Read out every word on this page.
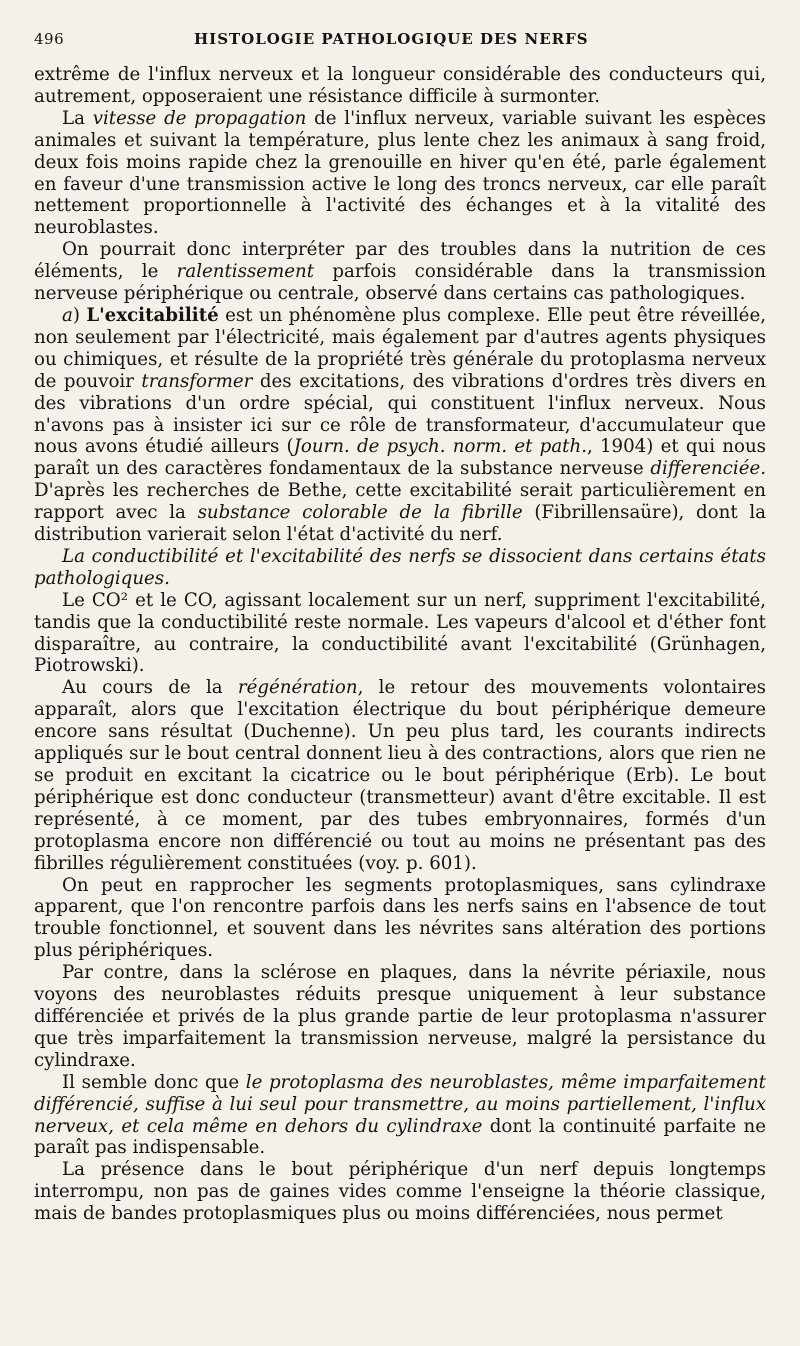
496	HISTOLOGIE PATHOLOGIQUE DES NERFS

extrême de l'influx nerveux et la longueur considérable des conducteurs qui, autrement, opposeraient une résistance difficile à surmonter.

La vitesse de propagation de l'influx nerveux, variable suivant les espèces animales et suivant la température, plus lente chez les animaux à sang froid, deux fois moins rapide chez la grenouille en hiver qu'en été, parle également en faveur d'une transmission active le long des troncs nerveux, car elle paraît nettement proportionnelle à l'activité des échanges et à la vitalité des neuroblastes.

On pourrait donc interpréter par des troubles dans la nutrition de ces éléments, le ralentissement parfois considérable dans la transmission nerveuse périphérique ou centrale, observé dans certains cas pathologiques.

a) L'excitabilité est un phénomène plus complexe. Elle peut être réveillée, non seulement par l'électricité, mais également par d'autres agents physiques ou chimiques, et résulte de la propriété très générale du protoplasma nerveux de pouvoir transformer des excitations, des vibrations d'ordres très divers en des vibrations d'un ordre spécial, qui constituent l'influx nerveux. Nous n'avons pas à insister ici sur ce rôle de transformateur, d'accumulateur que nous avons étudié ailleurs (Journ. de psych. norm. et path., 1904) et qui nous paraît un des caractères fondamentaux de la substance nerveuse differenciée. D'après les recherches de Bethe, cette excitabilité serait particulièrement en rapport avec la substance colorable de la fibrille (Fibrillensaüre), dont la distribution varierait selon l'état d'activité du nerf.

La conductibilité et l'excitabilité des nerfs se dissocient dans certains états pathologiques.

Le CO² et le CO, agissant localement sur un nerf, suppriment l'excitabilité, tandis que la conductibilité reste normale. Les vapeurs d'alcool et d'éther font disparaître, au contraire, la conductibilité avant l'excitabilité (Grünhagen, Piotrowski).

Au cours de la régénération, le retour des mouvements volontaires apparaît, alors que l'excitation électrique du bout périphérique demeure encore sans résultat (Duchenne). Un peu plus tard, les courants indirects appliqués sur le bout central donnent lieu à des contractions, alors que rien ne se produit en excitant la cicatrice ou le bout périphérique (Erb). Le bout périphérique est donc conducteur (transmetteur) avant d'être excitable. Il est représenté, à ce moment, par des tubes embryonnaires, formés d'un protoplasma encore non différencié ou tout au moins ne présentant pas des fibrilles régulièrement constituées (voy. p. 601).

On peut en rapprocher les segments protoplasmiques, sans cylindraxe apparent, que l'on rencontre parfois dans les nerfs sains en l'absence de tout trouble fonctionnel, et souvent dans les névrites sans altération des portions plus périphériques.

Par contre, dans la sclérose en plaques, dans la névrite périaxile, nous voyons des neuroblastes réduits presque uniquement à leur substance différenciée et privés de la plus grande partie de leur protoplasma n'assurer que très imparfaitement la transmission nerveuse, malgré la persistance du cylindraxe.

Il semble donc que le protoplasma des neuroblastes, même imparfaitement différencié, suffise à lui seul pour transmettre, au moins partiellement, l'influx nerveux, et cela même en dehors du cylindraxe dont la continuité parfaite ne paraît pas indispensable.

La présence dans le bout périphérique d'un nerf depuis longtemps interrompu, non pas de gaines vides comme l'enseigne la théorie classique, mais de bandes protoplasmiques plus ou moins différenciées, nous permet
